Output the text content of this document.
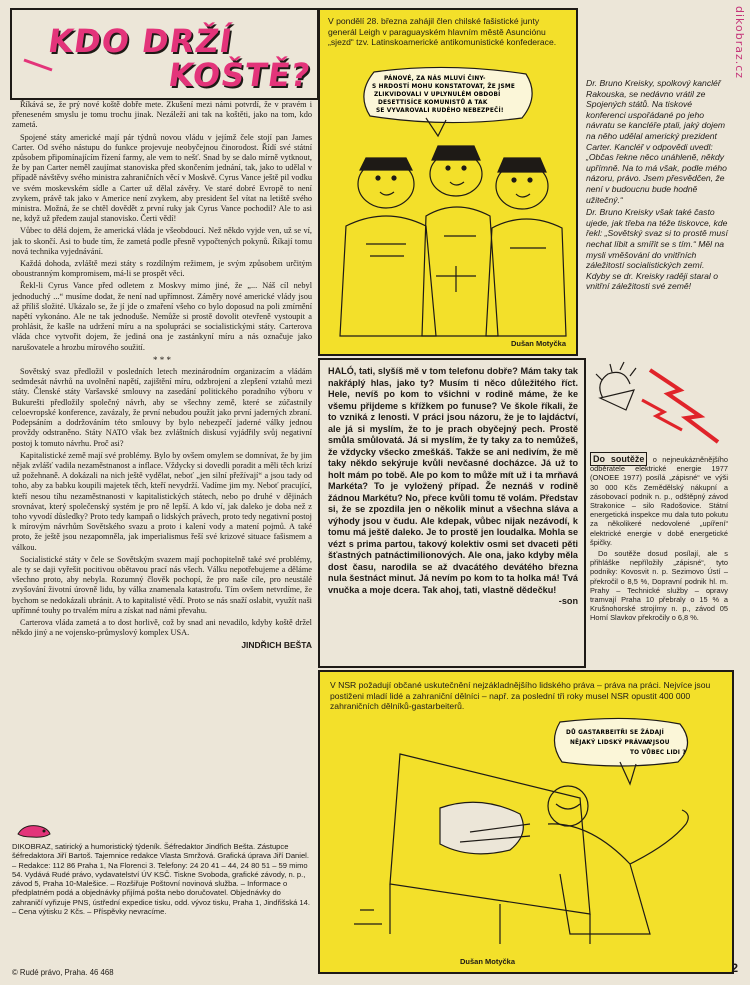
dikobraz.cz
KDO DRŽÍ
KOŠTĚ?

Říkává se, že prý nové koště dobře mete. Zkušení mezi námi potvrdí, že v pravém i přeneseném smyslu je tomu trochu jinak. Nezáleží ani tak na koštěti, jako na tom, kdo zametá.

Spojené státy americké mají pár týdnů novou vládu v jejímž čele stojí pan James Carter. Od svého nástupu do funkce projevuje neobyčejnou činorodost. Řídí své státní způsobem připomínajícím řízení farmy, ale vem to nešť. Snad by se dalo mírně vytknout, že by pan Carter neměl zaujímat stanoviska před skončením jednání, tak, jako to udělal v případě návštěvy svého ministra zahraničních věcí v Moskvě. Cyrus Vance ještě pil vodku ve svém moskevském sídle a Carter už dělal závěry. Ve staré dobré Evropě to není zvykem, právě tak jako v Americe není zvykem, aby president šel vítat na letiště svého ministra. Možná, že se chtěl dovědět z první ruky jak Cyrus Vance pochodil? Ale to asi ne, když už předem zaujal stanovisko. Čerti vědí!

Vůbec to dělá dojem, že americká vláda je všeobdoucí. Než někdo vyjde ven, už se ví, jak to skončí. Asi to bude tím, že zametá podle přesně vypočtených pokynů. Říkají tomu nová technika vyjednávání.

Každá dohoda, zvláště mezi státy s rozdílným režimem, je svým způsobem určitým oboustranným kompromisem, má-li se prospět věci.

Řekl-li Cyrus Vance před odletem z Moskvy mimo jiné, že „... Náš cíl nebyl jednoduchý ...“ musíme dodat, že není nad upřímnost. Záměry nové americké vlády jsou až příliš složité. Ukázalo se, že jí jde o zmaření všeho co bylo doposud na poli zmírnění napětí vykonáno. Ale ne tak jednoduše. Nemůže si prostě dovolit otevřeně vystoupit a prohlásit, že kašle na udržení míru a na spolupráci se socialistickými státy. Carterova vláda chce vytvořit dojem, že jediná ona je zastánkyní míru a nás označuje jako narušovatele a hrozbu mírového soužití.

* * *

Sovětský svaz předložil v posledních letech mezinárodním organizacím a vládám sedmdesát návrhů na uvolnění napětí, zajištění míru, odzbrojení a zlepšení vztahů mezi státy. Členské státy Varšavské smlouvy na zasedání politického poradního výboru v Bukurešti předložily společný návrh, aby se všechny země, které se zúčastnily celoevropské konference, zavázaly, že první nebudou použít jako první jaderných zbraní. Podepsáním a dodržováním této smlouvy by bylo nebezpečí jaderné války jednou provždy odstraněno. Státy NATO však bez zvláštních diskusí vyjádřily svůj negativní postoj k tomuto návrhu. Proč asi?

Kapitalistické země mají své problémy. Bylo by ovšem omylem se domnívat, že by jim nějak zvlášť vadila nezaměstnanost a inflace. Vždycky si dovedli poradit a měli těch krizí už požehnaně. A dokázali na nich ještě vydělat, neboť „jen silní přežívají“ a jsou tady od toho, aby za babku koupili majetek těch, kteří nevydrží. Vadíme jim my. Neboť pracující, kteří nesou tíhu nezaměstnanosti v kapitalistických státech, nebo po druhé v dějinách srovnávat, který společenský systém je pro ně lepší. A kdo ví, jak daleko je doba než z toho vyvodí důsledky? Proto tedy kampaň o lidských právech, proto tedy negativní postoj k mírovým návrhům Sovětského svazu a proto i kalení vody a matení pojmů. A také proto, že ještě jsou nezapomněla, jak imperialismus řeší své krizové situace fašismem a válkou.

Socialistické státy v čele se Sovětským svazem mají pochopitelně také své problémy, ale ty se daji vyřešit pocitivou obětavou prací nás všech. Válku nepotřebujeme a děláme všechno proto, aby nebyla. Rozumný člověk pochopí, že pro naše cíle, pro neustálé zvyšování životní úrovně lidu, by válka znamenala katastrofu. Tím ovšem netvrdíme, že bychom se nedokázali ubránit. A to kapitalisté vědí. Proto se nás snaží oslabit, využít naši upřímné touhy po trvalém míru a získat nad námi převahu.

Carterova vláda zametá a to dost horlivě, což by snad ani nevadilo, kdyby koště držel někdo jiný a ne vojensko-průmyslový komplex USA.

JINDŘICH BEŠTA
V pondělí 28. března zahájil člen chilské fašistické junty generál Leigh v paraguayském hlavním městě Asunciónu „sjezd“ tzv. Latinskoamerické antikomunistické konfederace.
PÁNOVÉ, ZA NÁS MLUVÍ ČINY-
S HRDOSTÍ MOHU KONSTATOVAT, ŽE JSME
ZLIKVIDOVALI V UPLYNULÉM OBDOBÍ
DESETTISÍCE KOMUNISTŮ A TAK
SE VYVAROVALI RUDÉHO NEBEZPEČÍ!
Dušan Motyčka

Dr. Bruno Kreisky, spolkový kancléř Rakouska, se nedávno vrátil ze Spojených států. Na tiskové konferenci uspořádané po jeho návratu se kancléře ptali, jaký dojem na něho udělal americký prezident Carter. Kancléř v odpovědi uvedl: „Občas řekne něco unáhleně, někdy upřímně. Na to má však, podle mého názoru, právo. Jsem přesvědčen, že není v budoucnu bude hodně užitečný.“

Dr. Bruno Kreisky však také často ujede, jak třeba na téže tiskovce, kde řekl: „Sovětský svaz si to prostě musí nechat líbit a smířit se s tím.“ Měl na mysli vměšování do vnitřních záležitostí socialistických zemí. Kdyby se dr. Kreisky raději staral o vnitřní záležitosti své země!

HALÓ, tati, slyšíš mě v tom telefonu dobře? Mám taky tak nakřáplý hlas, jako ty? Musím ti něco důležitého říct. Hele, nevíš po kom to všichni v rodině máme, že ke všemu přijdeme s křížkem po funuse? Ve škole říkali, že to vzniká z lenosti. V práci jsou názoru, že je to lajdáctví, ale já si myslím, že to je prach obyčejný pech. Prostě smůla smůlovatá. Já si myslím, že ty taky za to nemůžeš, že vždycky všecko zmeškáš. Takže se ani nedivím, že mě taky někdo sekýruje kvůli nevčasné docházce. Já už to holt mám po tobě. Ale po kom to může mít už i ta mrňavá Markéta? To je vyložený případ. Že neznáš v rodině žádnou Markétu? No, přece kvůli tomu tě volám. Představ si, že se zpozdila jen o několik minut a všechna sláva a výhody jsou v čudu. Ale kdepak, vůbec nijak nezávodí, k tomu má ještě daleko. Je to prostě jen loudalka. Mohla se vézt s prima partou, takový kolektiv osmi set dvaceti pěti šťastných patnáctimilionových. Ale ona, jako kdyby měla dost času, narodila se až dvacátého devátého března nula šestnáct minut. Já nevím po kom to ta holka má! Tvá vnučka a moje dcera. Tak ahoj, tati, vlastně dědečku!
-son
Do soutěže o nejneukázněnějšího odběratele elektrické energie 1977 (ONOEE 1977) posílá „zápisné“ ve výši 30 000 Kčs Zemědělský nákupní a zásobovací podnik n. p., odštěpný závod Strakonice – silo Radošovice. Státní energetická inspekce mu dala tuto pokutu za několikeré nedovolené „upíření“ elektrické energie v době energetické špičky.
Do soutěže dosud posílají, ale s přihláške nepříložily „zápisné“, tyto podniky: Kovosvit n. p. Sezimovo Ústí – překročil o 8,5 %, Dopravní podnik hl. m. Prahy – Technické služby – opravy tramvají Praha 10 přebraly o 15 % a Krušnohorské strojírny n. p., závod 05 Horní Slavkov překročily o 6,8 %.
V NSR požadují občané uskutečnění nejzákladnějšího lidského práva – práva na práci. Nejvíce jsou postiženi mladí lidé a zahraniční dělníci – např. za poslední tři roky musel NSR opustit 400 000 zahraničních dělníků-gastarbeiterů.
DŮ GASTARBEITŘI SE ŽÁDAJÍ
NĚJAKÝ LIDSKÝ PRÁVA ?
A JSOU
TO VŮBEC LIDI ?
Dušan Motyčka
DIKOBRAZ, satirický a humoristický týdeník. Šéfredaktor Jindřich Bešta. Zástupce šéfredaktora Jiří Bartoš. Tajemnice redakce Vlasta Smržová. Grafická úprava Jiří Daniel. – Redakce: 112 86 Praha 1, Na Florenci 3. Telefony: 24 20 41 – 44, 24 80 51 – 59 mimo 54. Vydává Rudé právo, vydavatelství ÚV KSČ. Tiskne Svoboda, grafické závody, n. p., závod 5, Praha 10-Malešice. – Rozšiřuje Poštovní novinová služba. – Informace o předplatném podá a objednávky přijímá pošta nebo doručovatel. Objednávky do zahraničí vyřizuje PNS, ústřední expedice tisku, odd. vývoz tisku, Praha 1, Jindřišská 14. – Cena výtisku 2 Kčs. – Příspěvky nevracíme.
© Rudé právo, Praha. 46 468	2
